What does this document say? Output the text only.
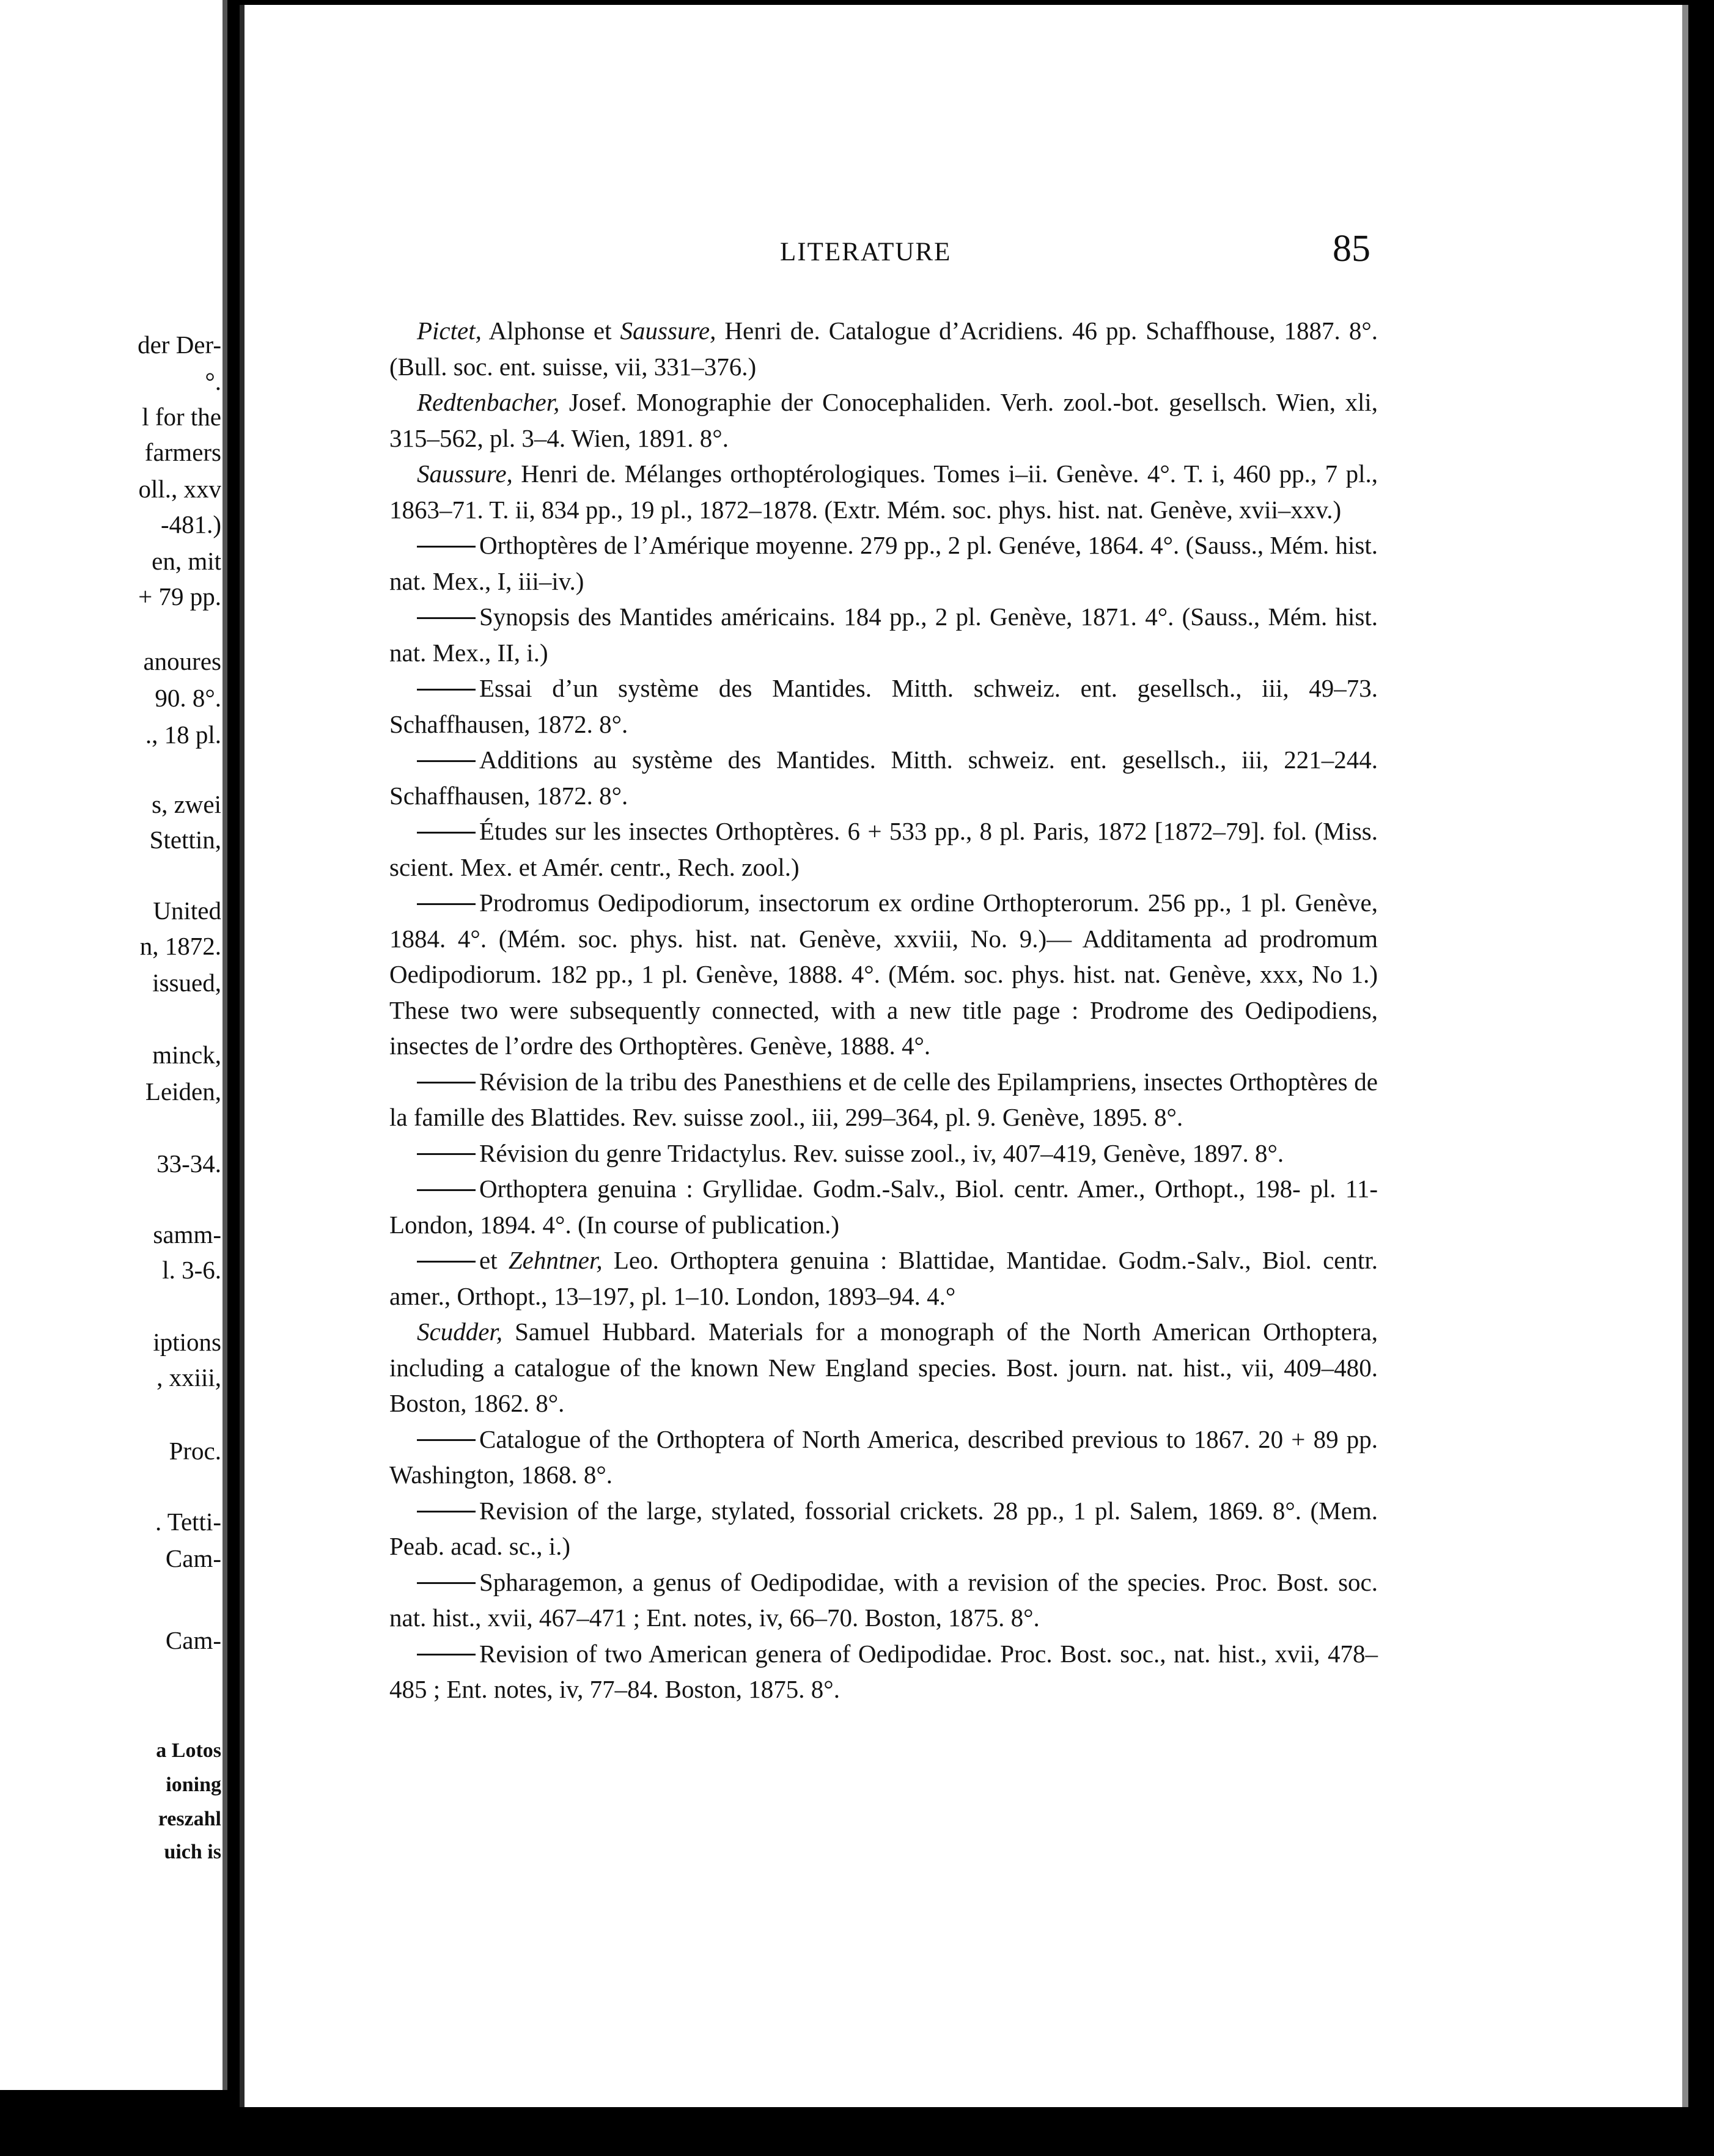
der Der-
°.
l for the
farmers
oll., xxv
-481.)
en, mit
+ 79 pp.
anoures
90. 8°.
., 18 pl.
s, zwei
Stettin,
United
n, 1872.
issued,
minck,
Leiden,
33-34.
samm-
l. 3-6.
iptions
, xxiii,
Proc.
. Tetti-
Cam-
Cam-
a Lotos
ioning
reszahl
uich is
LITERATURE	85

Pictet, Alphonse et Saussure, Henri de. Catalogue d’Acridiens. 46 pp. Schaffhouse, 1887. 8°. (Bull. soc. ent. suisse, vii, 331–376.)

Redtenbacher, Josef. Monographie der Conocephaliden. Verh. zool.-bot. gesellsch. Wien, xli, 315–562, pl. 3–4. Wien, 1891. 8°.

Saussure, Henri de. Mélanges orthoptérologiques. Tomes i–ii. Genève. 4°. T. i, 460 pp., 7 pl., 1863–71. T. ii, 834 pp., 19 pl., 1872–1878. (Extr. Mém. soc. phys. hist. nat. Genève, xvii–xxv.)

Orthoptères de l’Amérique moyenne. 279 pp., 2 pl. Genéve, 1864. 4°. (Sauss., Mém. hist. nat. Mex., I, iii–iv.)

Synopsis des Mantides américains. 184 pp., 2 pl. Genève, 1871. 4°. (Sauss., Mém. hist. nat. Mex., II, i.)

Essai d’un système des Mantides. Mitth. schweiz. ent. gesellsch., iii, 49–73. Schaffhausen, 1872. 8°.

Additions au système des Mantides. Mitth. schweiz. ent. gesellsch., iii, 221–244. Schaffhausen, 1872. 8°.

Études sur les insectes Orthoptères. 6 + 533 pp., 8 pl. Paris, 1872 [1872–79]. fol. (Miss. scient. Mex. et Amér. centr., Rech. zool.)

Prodromus Oedipodiorum, insectorum ex ordine Orthopterorum. 256 pp., 1 pl. Genève, 1884. 4°. (Mém. soc. phys. hist. nat. Genève, xxviii, No. 9.)— Additamenta ad prodromum Oedipodiorum. 182 pp., 1 pl. Genève, 1888. 4°. (Mém. soc. phys. hist. nat. Genève, xxx, No 1.) These two were subsequently connected, with a new title page : Prodrome des Oedipodiens, insectes de l’ordre des Orthoptères. Genève, 1888. 4°.

Révision de la tribu des Panesthiens et de celle des Epilampriens, insectes Orthoptères de la famille des Blattides. Rev. suisse zool., iii, 299–364, pl. 9. Genève, 1895. 8°.

Révision du genre Tridactylus. Rev. suisse zool., iv, 407–419, Genève, 1897. 8°.

Orthoptera genuina : Gryllidae. Godm.-Salv., Biol. centr. Amer., Orthopt., 198- pl. 11- London, 1894. 4°. (In course of publication.)

et Zehntner, Leo. Orthoptera genuina : Blattidae, Mantidae. Godm.-Salv., Biol. centr. amer., Orthopt., 13–197, pl. 1–10. London, 1893–94. 4.°

Scudder, Samuel Hubbard. Materials for a monograph of the North American Orthoptera, including a catalogue of the known New England species. Bost. journ. nat. hist., vii, 409–480. Boston, 1862. 8°.

Catalogue of the Orthoptera of North America, described previous to 1867. 20 + 89 pp. Washington, 1868. 8°.

Revision of the large, stylated, fossorial crickets. 28 pp., 1 pl. Salem, 1869. 8°. (Mem. Peab. acad. sc., i.)

Spharagemon, a genus of Oedipodidae, with a revision of the species. Proc. Bost. soc. nat. hist., xvii, 467–471 ; Ent. notes, iv, 66–70. Boston, 1875. 8°.

Revision of two American genera of Oedipodidae. Proc. Bost. soc., nat. hist., xvii, 478–485 ; Ent. notes, iv, 77–84. Boston, 1875. 8°.
